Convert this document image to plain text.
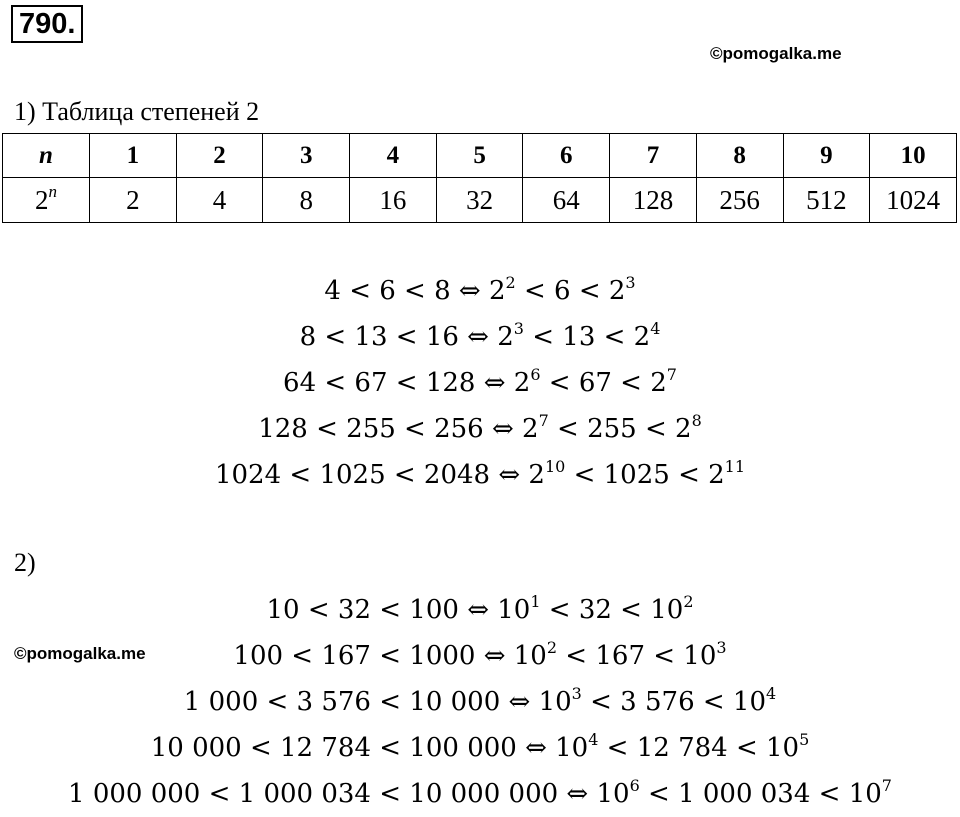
790.
©pomogalka.me
1) Таблица степеней 2
n	1	2	3	4	5	6	7	8	9	10
2$^n$	2	4	8	16	32	64	128	256	512	1024
4 < 6 < 8 ⇔ $2^2 < 6 < 2^3$
8 < 13 < 16 ⇔ $2^3 < 13 < 2^4$
64 < 67 < 128 ⇔ $2^6 < 67 < 2^7$
128 < 255 < 256 ⇔ $2^7 < 255 < 2^8$
1024 < 1025 < 2048 ⇔ $2^{10} < 1025 < 2^{11}$
2)
10 < 32 < 100 ⇔ $10^1 < 32 < 10^2$
100 < 167 < 1000 ⇔ $10^2 < 167 < 10^3$
1 000 < 3 576 < 10 000 ⇔ $10^3 < 3$ $576 < 10^4$
10 000 < 12 784 < 100 000 ⇔ $10^4 < 12$ $784 < 10^5$
1 000 000 < 1 000 034 < 10 000 000 ⇔ $10^6 < 1$ 000 $034 < 10^7$
©pomogalka.me
